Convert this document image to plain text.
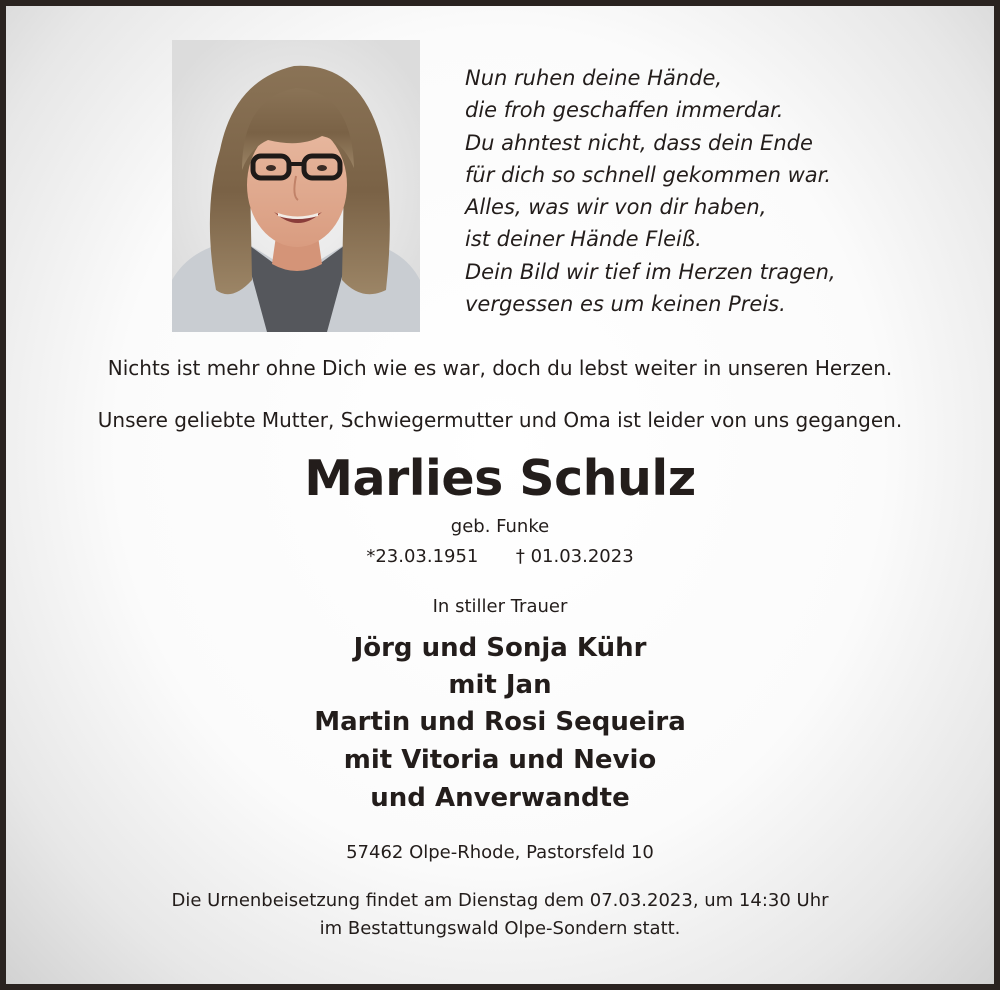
Nun ruhen deine Hände,
die froh geschaffen immerdar.
Du ahntest nicht, dass dein Ende
für dich so schnell gekommen war.
Alles, was wir von dir haben,
ist deiner Hände Fleiß.
Dein Bild wir tief im Herzen tragen,
vergessen es um keinen Preis.
Nichts ist mehr ohne Dich wie es war, doch du lebst weiter in unseren Herzen.
Unsere geliebte Mutter, Schwiegermutter und Oma ist leider von uns gegangen.
Marlies Schulz
geb. Funke
*23.03.1951 † 01.03.2023
In stiller Trauer
Jörg und Sonja Kühr
mit Jan
Martin und Rosi Sequeira
mit Vitoria und Nevio
und Anverwandte
57462 Olpe-Rhode, Pastorsfeld 10
Die Urnenbeisetzung findet am Dienstag dem 07.03.2023, um 14:30 Uhr
im Bestattungswald Olpe-Sondern statt.
